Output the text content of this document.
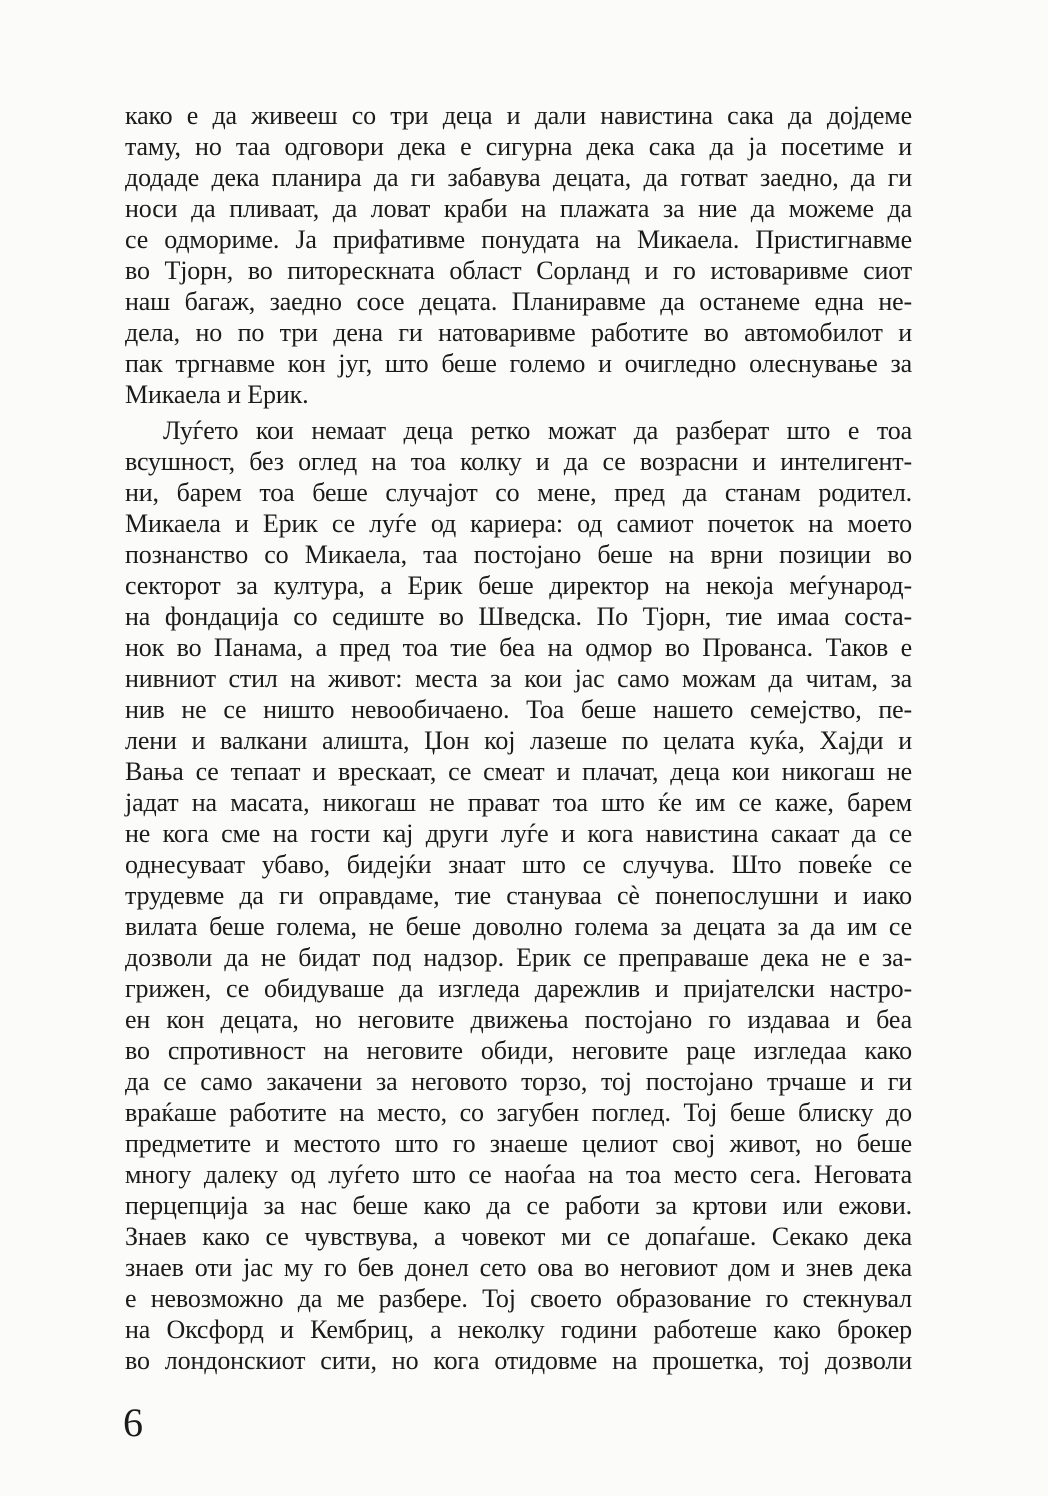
како е да живееш со три деца и дали навистина сака да дојдеме
таму, но таа одговори дека е сигурна дека сака да ја посетиме и
додаде дека планира да ги забавува децата, да готват заедно, да ги
носи да пливаат, да ловат краби на плажата за ние да можеме да
се одмориме. Ја прифативме понудата на Микаела. Пристигнавме
во Тјорн, во питорескната област Сорланд и го истоваривме сиот
наш багаж, заедно сосе децата. Планиравме да останеме една не-
дела, но по три дена ги натоваривме работите во автомобилот и
пак тргнавме кон југ, што беше големо и очигледно олеснување за
Микаела и Ерик.
Луѓето кои немаат деца ретко можат да разберат што е тоа
всушност, без оглед на тоа колку и да се возрасни и интелигент-
ни, барем тоа беше случајот со мене, пред да станам родител.
Микаела и Ерик се луѓе од кариера: од самиот почеток на моето
познанство со Микаела, таа постојано беше на врни позиции во
секторот за култура, а Ерик беше директор на некоја меѓународ-
на фондација со седиште во Шведска. По Тјорн, тие имаа соста-
нок во Панама, а пред тоа тие беа на одмор во Прованса. Таков е
нивниот стил на живот: места за кои јас само можам да читам, за
нив не се ништо невообичаено. Тоа беше нашето семејство, пе-
лени и валкани алишта, Џон кој лазеше по целата куќа, Хајди и
Вања се тепаат и врескаат, се смеат и плачат, деца кои никогаш не
јадат на масата, никогаш не прават тоа што ќе им се каже, барем
не кога сме на гости кај други луѓе и кога навистина сакаат да се
однесуваат убаво, бидејќи знаат што се случува. Што повеќе се
трудевме да ги оправдаме, тие стануваа сѐ понепослушни и иако
вилата беше голема, не беше доволно голема за децата за да им се
дозволи да не бидат под надзор. Ерик се преправаше дека не е за-
грижен, се обидуваше да изгледа дарежлив и пријателски настро-
ен кон децата, но неговите движења постојано го издаваа и беа
во спротивност на неговите обиди, неговите раце изгледаа како
да се само закачени за неговото торзо, тој постојано трчаше и ги
враќаше работите на место, со загубен поглед. Тој беше блиску до
предметите и местото што го знаеше целиот свој живот, но беше
многу далеку од луѓето што се наоѓаа на тоа место сега. Неговата
перцепција за нас беше како да се работи за кртови или ежови.
Знаев како се чувствува, а човекот ми се допаѓаше. Секако дека
знаев оти јас му го бев донел сето ова во неговиот дом и знев дека
е невозможно да ме разбере. Тој своето образование го стекнувал
на Оксфорд и Кембриц, а неколку години работеше како брокер
во лондонскиот сити, но кога отидовме на прошетка, тој дозволи
6
